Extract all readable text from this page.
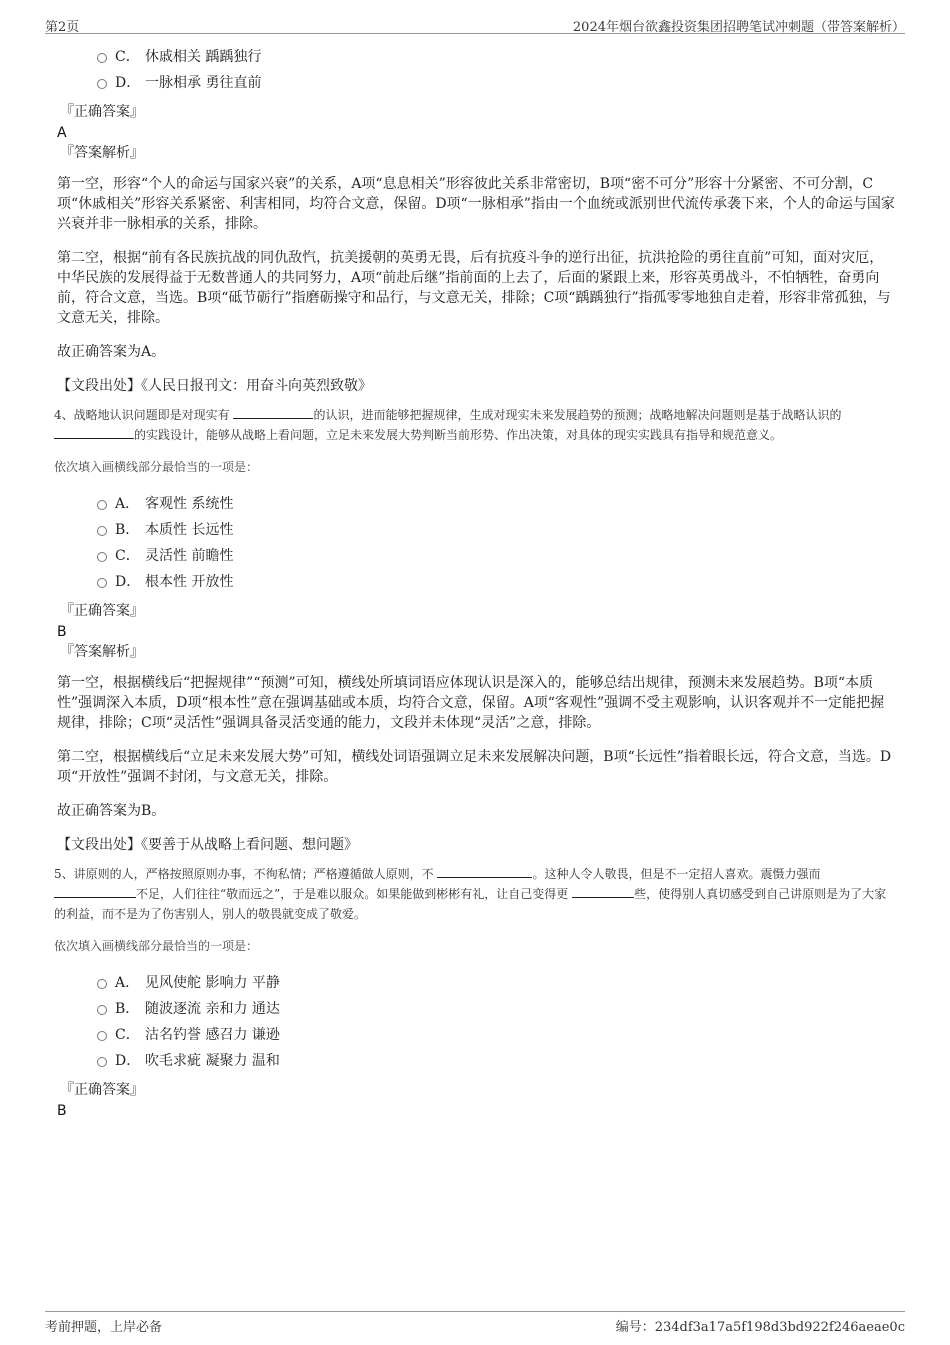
第2页	2024年烟台欲鑫投资集团招聘笔试冲刺题（带答案解析）
C． 休戚相关 踽踽独行
D． 一脉相承 勇往直前
『正确答案』
A
『答案解析』
第一空，形容“个人的命运与国家兴衰”的关系，A项“息息相关”形容彼此关系非常密切，B项“密不可分”形容十分紧密、不可分割，C项“休戚相关”形容关系紧密、利害相同，均符合文意，保留。D项“一脉相承”指由一个血统或派别世代流传承袭下来，个人的命运与国家兴衰并非一脉相承的关系，排除。
第二空，根据“前有各民族抗战的同仇敌忾，抗美援朝的英勇无畏，后有抗疫斗争的逆行出征，抗洪抢险的勇往直前”可知，面对灾厄，中华民族的发展得益于无数普通人的共同努力，A项“前赴后继”指前面的上去了，后面的紧跟上来，形容英勇战斗，不怕牺牲，奋勇向前，符合文意，当选。B项“砥节砺行”指磨砺操守和品行，与文意无关，排除；C项“踽踽独行”指孤零零地独自走着，形容非常孤独，与文意无关，排除。
故正确答案为A。
【文段出处】《人民日报刊文：用奋斗向英烈致敬》
4、战略地认识问题即是对现实有	的认识，进而能够把握规律，生成对现实未来发展趋势的预测；战略地解决问题则是基于战略认识的 的实践设计，能够从战略上看问题，立足未来发展大势判断当前形势、作出决策，对具体的现实实践具有指导和规范意义。
依次填入画横线部分最恰当的一项是：
A． 客观性 系统性
B． 本质性 长远性
C． 灵活性 前瞻性
D． 根本性 开放性
『正确答案』
B
『答案解析』
第一空，根据横线后“把握规律”“预测”可知，横线处所填词语应体现认识是深入的，能够总结出规律，预测未来发展趋势。B项“本质性”强调深入本质，D项“根本性”意在强调基础或本质，均符合文意，保留。A项“客观性”强调不受主观影响，认识客观并不一定能把握规律，排除；C项“灵活性”强调具备灵活变通的能力，文段并未体现“灵活”之意，排除。
第二空，根据横线后“立足未来发展大势”可知，横线处词语强调立足未来发展解决问题，B项“长远性”指着眼长远，符合文意，当选。D项“开放性”强调不封闭，与文意无关，排除。
故正确答案为B。
【文段出处】《要善于从战略上看问题、想问题》
5、讲原则的人，严格按照原则办事，不徇私情；严格遵循做人原则，不	。这种人令人敬畏，但是不一定招人喜欢。震慑力强而 不足，人们往往“敬而远之”，于是难以服众。如果能做到彬彬有礼，让自己变得更	些，使得别人真切感受到自己讲原则是为了大家的利益，而不是为了伤害别人，别人的敬畏就变成了敬爱。
依次填入画横线部分最恰当的一项是：
A． 见风使舵 影响力 平静
B． 随波逐流 亲和力 通达
C． 沽名钓誉 感召力 谦逊
D． 吹毛求疵 凝聚力 温和
『正确答案』
B
考前押题，上岸必备	编号：234df3a17a5f198d3bd922f246aeae0c
